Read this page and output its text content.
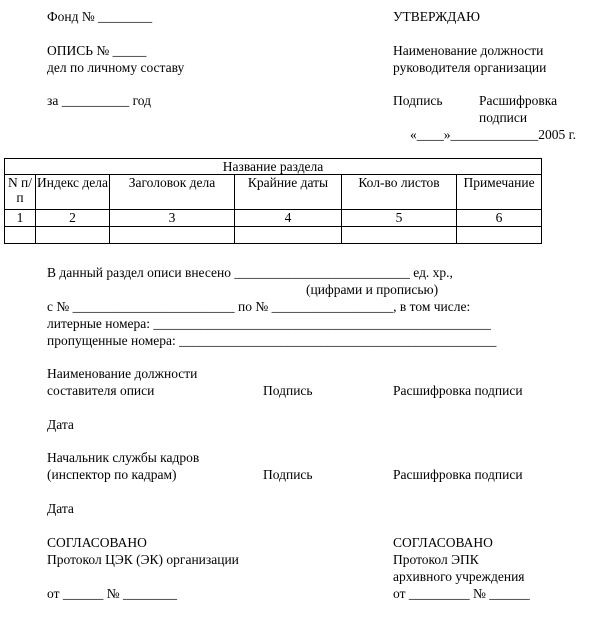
Фонд № ________
ОПИСЬ № _____
дел по личному составу
за __________ год
УТВЕРЖДАЮ
Наименование должности
руководителя организации
Подпись	Расшифровка
подписи
«____»_____________2005 г.
Название раздела					
N п/п	Индекс дела	Заголовок дела	Крайние даты	Кол-во листов	Примечание
1	2	3	4	5	6

В данный раздел описи внесено __________________________ ед. хр.,
(цифрами и прописью)
с № ________________________ по № __________________, в том числе:
литерные номера: __________________________________________________
пропущенные номера: _______________________________________________
Наименование должности
составителя описи	Подпись	Расшифровка подписи
Дата
Начальник службы кадров
(инспектор по кадрам)	Подпись	Расшифровка подписи
Дата
СОГЛАСОВАНО
Протокол ЦЭК (ЭК) организации
от ______ № ________
СОГЛАСОВАНО
Протокол ЭПК
архивного учреждения
от _________ № ______
